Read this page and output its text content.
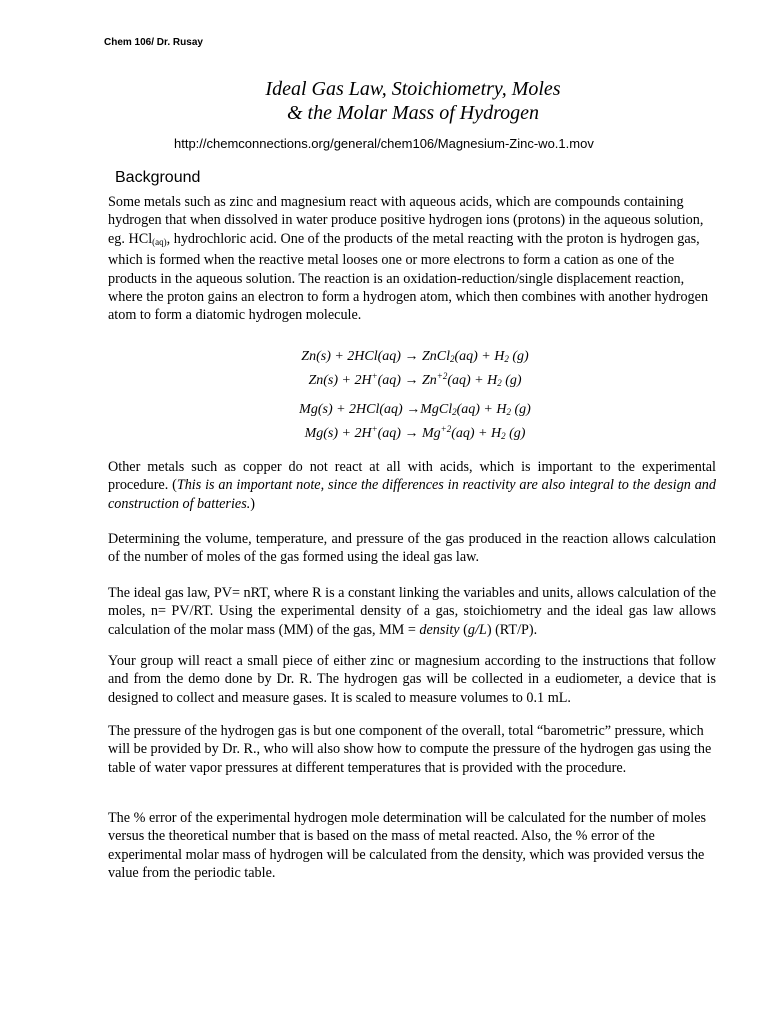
Chem 106/ Dr. Rusay
Ideal Gas Law, Stoichiometry, Moles
& the Molar Mass of Hydrogen
http://chemconnections.org/general/chem106/Magnesium-Zinc-wo.1.mov
Background
Some metals such as zinc and magnesium react with aqueous acids, which are compounds containing hydrogen that when dissolved in water produce positive hydrogen ions (protons) in the aqueous solution, eg. HCl$_{(aq)}$, hydrochloric acid. One of the products of the metal reacting with the proton is hydrogen gas, which is formed when the reactive metal looses one or more electrons to form a cation as one of the products in the aqueous solution. The reaction is an oxidation-reduction/single displacement reaction, where the proton gains an electron to form a hydrogen atom, which then combines with another hydrogen atom to form a diatomic hydrogen molecule.
Zn(s) + 2HCl(aq) → ZnCl$_2$(aq) + $H_2$ (g)
$Zn(s) + 2H^+(aq) \to Zn^{+2}(aq) + H_2$ (g)
Mg(s) + 2HCl(aq) →MgCl$_2$(aq) + $H_2$ (g)
$Mg(s) + 2H^+(aq) \to Mg^{+2}(aq) + H_2$ (g)
Other metals such as copper do not react at all with acids, which is important to the experimental procedure. (This is an important note, since the differences in reactivity are also integral to the design and construction of batteries.)
Determining the volume, temperature, and pressure of the gas produced in the reaction allows calculation of the number of moles of the gas formed using the ideal gas law.
The ideal gas law, PV= nRT, where R is a constant linking the variables and units, allows calculation of the moles, n= PV/RT. Using the experimental density of a gas, stoichiometry and the ideal gas law allows calculation of the molar mass (MM) of the gas, MM = density (g/L) (RT/P).
Your group will react a small piece of either zinc or magnesium according to the instructions that follow and from the demo done by Dr. R. The hydrogen gas will be collected in a eudiometer, a device that is designed to collect and measure gases. It is scaled to measure volumes to 0.1 mL.
The pressure of the hydrogen gas is but one component of the overall, total “barometric” pressure, which will be provided by Dr. R., who will also show how to compute the pressure of the hydrogen gas using the table of water vapor pressures at different temperatures that is provided with the procedure.
The % error of the experimental hydrogen mole determination will be calculated for the number of moles versus the theoretical number that is based on the mass of metal reacted. Also, the % error of the experimental molar mass of hydrogen will be calculated from the density, which was provided versus the value from the periodic table.
